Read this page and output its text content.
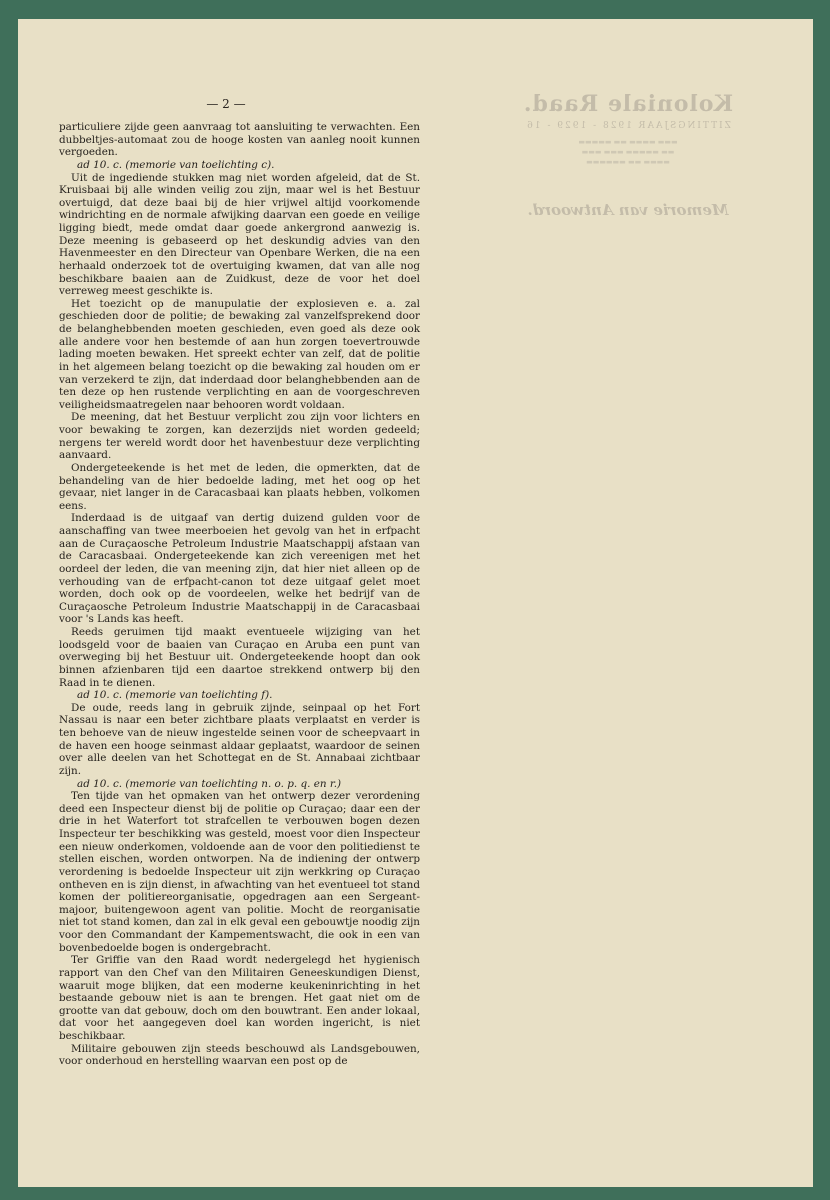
Koloniale Raad.
ZITTINGSJAAR 1928 - 1929 - 16
▬▬▬ ▬▬▬▬ ▬▬ ▬▬▬▬▬
▬▬ ▬▬▬▬▬ ▬▬▬ ▬▬▬
▬▬▬▬ ▬▬ ▬▬▬▬▬▬
Memorie van Antwoord.
— 2 —

particuliere zijde geen aanvraag tot aansluiting te verwachten. Een dubbeltjes-automaat zou de hooge kosten van aanleg nooit kunnen vergoeden.

ad 10. c. (memorie van toelichting c).

Uit de ingediende stukken mag niet worden afgeleid, dat de St. Kruisbaai bij alle winden veilig zou zijn, maar wel is het Bestuur overtuigd, dat deze baai bij de hier vrijwel altijd voorkomende windrichting en de normale afwijking daarvan een goede en veilige ligging biedt, mede omdat daar goede ankergrond aanwezig is. Deze meening is gebaseerd op het deskundig advies van den Havenmeester en den Directeur van Openbare Werken, die na een herhaald onderzoek tot de overtuiging kwamen, dat van alle nog beschikbare baaien aan de Zuidkust, deze de voor het doel verreweg meest geschikte is.

Het toezicht op de manupulatie der explosieven e. a. zal geschieden door de politie; de bewaking zal vanzelfsprekend door de belanghebbenden moeten geschieden, even goed als deze ook alle andere voor hen bestemde of aan hun zorgen toevertrouwde lading moeten bewaken. Het spreekt echter van zelf, dat de politie in het algemeen belang toezicht op die bewaking zal houden om er van verzekerd te zijn, dat inderdaad door belanghebbenden aan de ten deze op hen rustende verplichting en aan de voorgeschreven veiligheidsmaatregelen naar behooren wordt voldaan.

De meening, dat het Bestuur verplicht zou zijn voor lichters en voor bewaking te zorgen, kan dezerzijds niet worden gedeeld; nergens ter wereld wordt door het havenbestuur deze verplichting aanvaard.

Ondergeteekende is het met de leden, die opmerkten, dat de behandeling van de hier bedoelde lading, met het oog op het gevaar, niet langer in de Caracasbaai kan plaats hebben, volkomen eens.

Inderdaad is de uitgaaf van dertig duizend gulden voor de aanschaffing van twee meerboeien het gevolg van het in erfpacht aan de Curaçaosche Petroleum Industrie Maatschappij afstaan van de Caracasbaai. Ondergeteekende kan zich vereenigen met het oordeel der leden, die van meening zijn, dat hier niet alleen op de verhouding van de erfpacht-canon tot deze uitgaaf gelet moet worden, doch ook op de voordeelen, welke het bedrijf van de Curaçaosche Petroleum Industrie Maatschappij in de Caracasbaai voor 's Lands kas heeft.

Reeds geruimen tijd maakt eventueele wijziging van het loodsgeld voor de baaien van Curaçao en Aruba een punt van overweging bij het Bestuur uit. Ondergeteekende hoopt dan ook binnen afzienbaren tijd een daartoe strekkend ontwerp bij den Raad in te dienen.

ad 10. c. (memorie van toelichting f).

De oude, reeds lang in gebruik zijnde, seinpaal op het Fort Nassau is naar een beter zichtbare plaats verplaatst en verder is ten behoeve van de nieuw ingestelde seinen voor de scheepvaart in de haven een hooge seinmast aldaar geplaatst, waardoor de seinen over alle deelen van het Schottegat en de St. Annabaai zichtbaar zijn.

ad 10. c. (memorie van toelichting n. o. p. q. en r.)

Ten tijde van het opmaken van het ontwerp dezer verordening deed een Inspecteur dienst bij de politie op Curaçao; daar een der drie in het Waterfort tot strafcellen te verbouwen bogen dezen Inspecteur ter beschikking was gesteld, moest voor dien Inspecteur een nieuw onderkomen, voldoende aan de voor den politiedienst te stellen eischen, worden ontworpen. Na de indiening der ontwerp verordening is bedoelde Inspecteur uit zijn werkkring op Curaçao ontheven en is zijn dienst, in afwachting van het eventueel tot stand komen der politiereorganisatie, opgedragen aan een Sergeant-majoor, buitengewoon agent van politie. Mocht de reorganisatie niet tot stand komen, dan zal in elk geval een gebouwtje noodig zijn voor den Commandant der Kampementswacht, die ook in een van bovenbedoelde bogen is ondergebracht.

Ter Griffie van den Raad wordt nedergelegd het hygienisch rapport van den Chef van den Militairen Geneeskundigen Dienst, waaruit moge blijken, dat een moderne keukeninrichting in het bestaande gebouw niet is aan te brengen. Het gaat niet om de grootte van dat gebouw, doch om den bouwtrant. Een ander lokaal, dat voor het aangegeven doel kan worden ingericht, is niet beschikbaar.

Militaire gebouwen zijn steeds beschouwd als Landsgebouwen, voor onderhoud en herstelling waarvan een post op de
